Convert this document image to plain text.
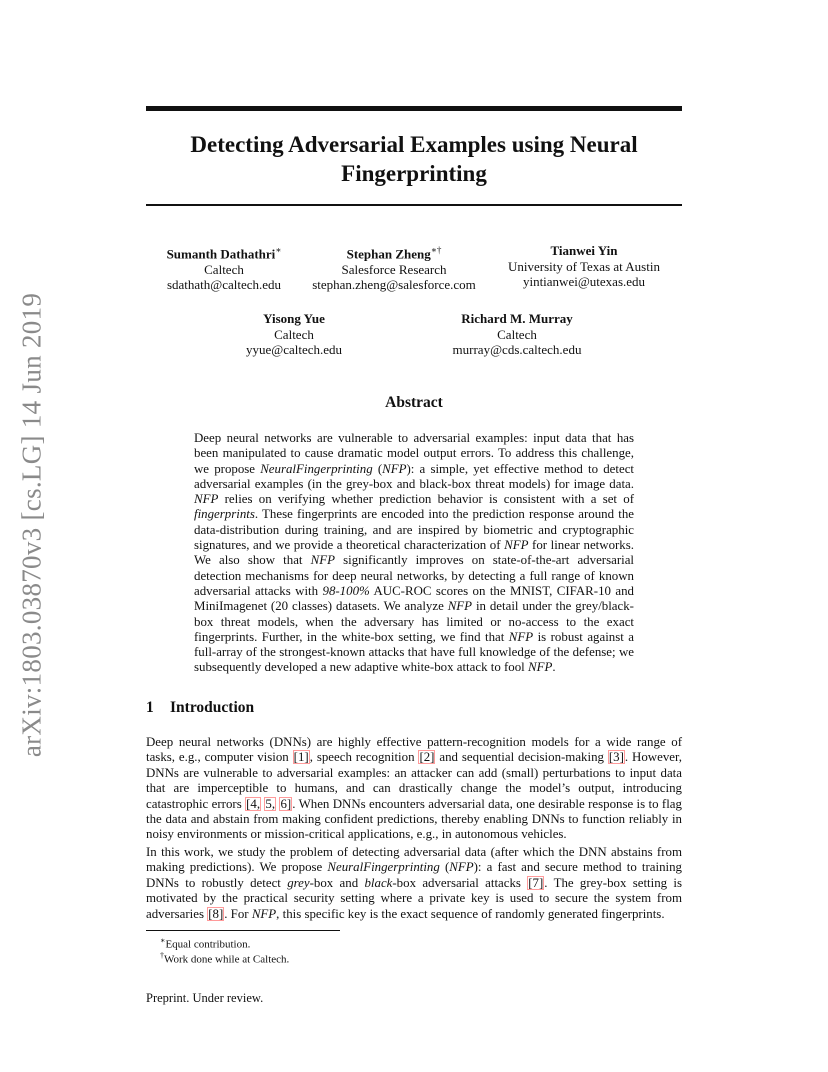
arXiv:1803.03870v3 [cs.LG] 14 Jun 2019
Detecting Adversarial Examples using Neural Fingerprinting
Sumanth Dathathri∗
Caltech
sdathath@caltech.edu
Stephan Zheng∗†
Salesforce Research
stephan.zheng@salesforce.com
Tianwei Yin
University of Texas at Austin
yintianwei@utexas.edu
Yisong Yue
Caltech
yyue@caltech.edu
Richard M. Murray
Caltech
murray@cds.caltech.edu
Abstract
Deep neural networks are vulnerable to adversarial examples: input data that has been manipulated to cause dramatic model output errors. To address this challenge, we propose NeuralFingerprinting (NFP): a simple, yet effective method to detect adversarial examples (in the grey-box and black-box threat models) for image data. NFP relies on verifying whether prediction behavior is consistent with a set of fingerprints. These fingerprints are encoded into the prediction response around the data-distribution during training, and are inspired by biometric and cryptographic signatures, and we provide a theoretical characterization of NFP for linear networks. We also show that NFP significantly improves on state-of-the-art adversarial detection mechanisms for deep neural networks, by detecting a full range of known adversarial attacks with 98-100% AUC-ROC scores on the MNIST, CIFAR-10 and MiniImagenet (20 classes) datasets. We analyze NFP in detail under the grey/black-box threat models, when the adversary has limited or no-access to the exact fingerprints. Further, in the white-box setting, we find that NFP is robust against a full-array of the strongest-known attacks that have full knowledge of the defense; we subsequently developed a new adaptive white-box attack to fool NFP.
1 Introduction
Deep neural networks (DNNs) are highly effective pattern-recognition models for a wide range of tasks, e.g., computer vision [1], speech recognition [2] and sequential decision-making [3]. However, DNNs are vulnerable to adversarial examples: an attacker can add (small) perturbations to input data that are imperceptible to humans, and can drastically change the model’s output, introducing catastrophic errors [4, 5, 6]. When DNNs encounters adversarial data, one desirable response is to flag the data and abstain from making confident predictions, thereby enabling DNNs to function reliably in noisy environments or mission-critical applications, e.g., in autonomous vehicles.
In this work, we study the problem of detecting adversarial data (after which the DNN abstains from making predictions). We propose NeuralFingerprinting (NFP): a fast and secure method to training DNNs to robustly detect grey-box and black-box adversarial attacks [7]. The grey-box setting is motivated by the practical security setting where a private key is used to secure the system from adversaries [8]. For NFP, this specific key is the exact sequence of randomly generated fingerprints.
∗Equal contribution.
†Work done while at Caltech.
Preprint. Under review.
